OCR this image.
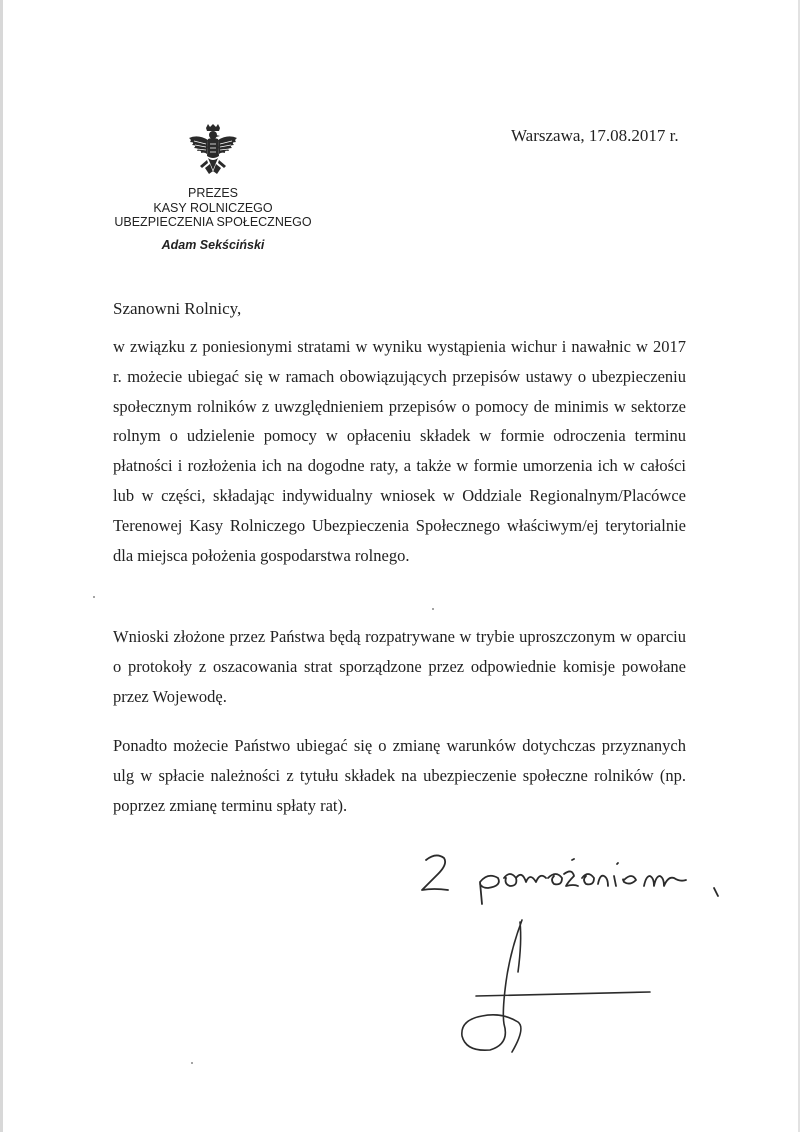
PREZES
KASY ROLNICZEGO
UBEZPIECZENIA SPOŁECZNEGO
Adam Sekściński
Warszawa, 17.08.2017 r.
Szanowni Rolnicy,
w związku z poniesionymi stratami w wyniku wystąpienia wichur i nawałnic w 2017 r. możecie ubiegać się w ramach obowiązujących przepisów ustawy o ubezpieczeniu społecznym rolników z uwzględnieniem przepisów o pomocy de minimis w sektorze rolnym o udzielenie pomocy w opłaceniu składek w formie odroczenia terminu płatności i rozłożenia ich na dogodne raty, a także w formie umorzenia ich w całości lub w części, składając indywidualny wniosek w Oddziale Regionalnym/Placówce Terenowej Kasy Rolniczego Ubezpieczenia Społecznego właściwym/ej terytorialnie dla miejsca położenia gospodarstwa rolnego.
Wnioski złożone przez Państwa będą rozpatrywane w trybie uproszczonym w oparciu o protokoły z oszacowania strat sporządzone przez odpowiednie komisje powołane przez Wojewodę.
Ponadto możecie Państwo ubiegać się o zmianę warunków dotychczas przyznanych ulg w spłacie należności z tytułu składek na ubezpieczenie społeczne rolników (np. poprzez zmianę terminu spłaty rat).
